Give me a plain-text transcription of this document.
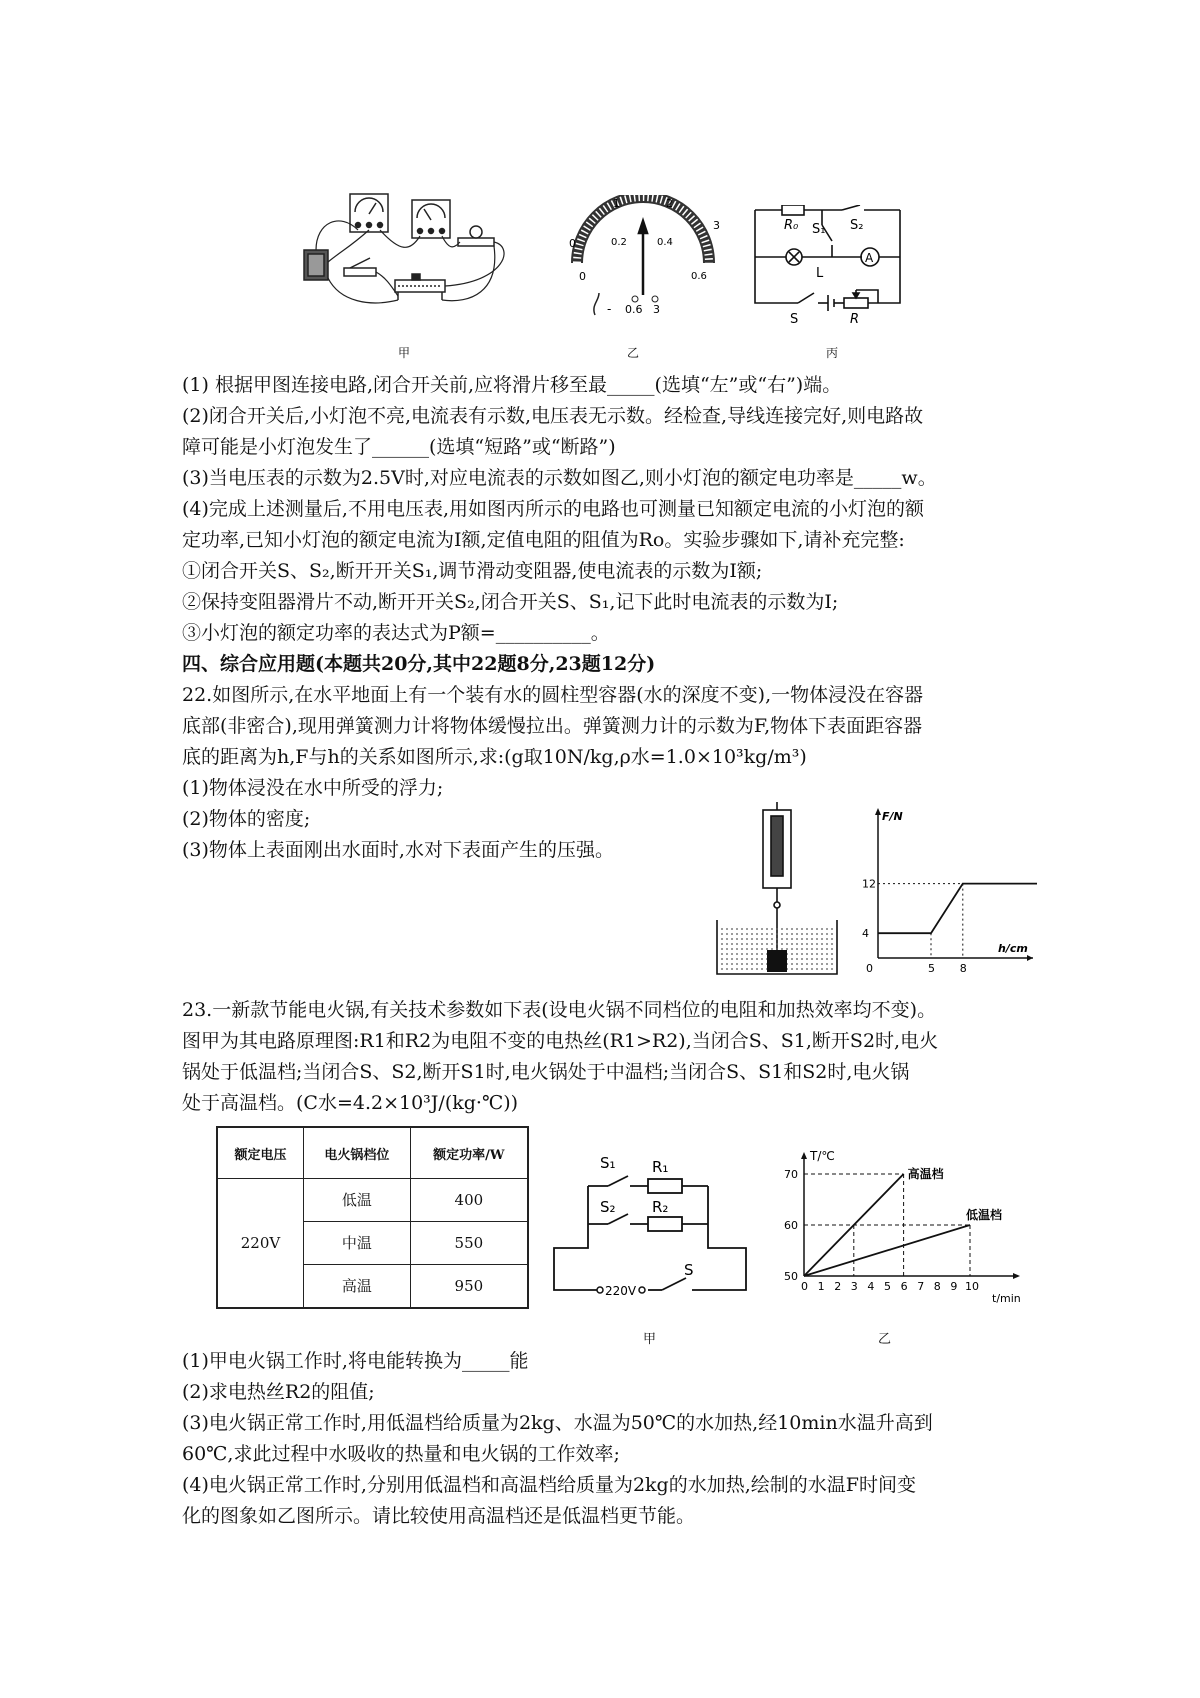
甲
0
1	2
3
0
0.2	0.4
0.6
- 0.6 3
乙
R₀ S₁ S₂
L
A
S	R
丙
(1) 根据甲图连接电路,闭合开关前,应将滑片移至最_____(选填“左”或“右”)端。
(2)闭合开关后,小灯泡不亮,电流表有示数,电压表无示数。经检查,导线连接完好,则电路故
障可能是小灯泡发生了______(选填“短路”或“断路”)
(3)当电压表的示数为2.5V时,对应电流表的示数如图乙,则小灯泡的额定电功率是_____w。
(4)完成上述测量后,不用电压表,用如图丙所示的电路也可测量已知额定电流的小灯泡的额
定功率,已知小灯泡的额定电流为I额,定值电阻的阻值为Ro。实验步骤如下,请补充完整:
①闭合开关S、S₂,断开开关S₁,调节滑动变阻器,使电流表的示数为I额;
②保持变阻器滑片不动,断开开关S₂,闭合开关S、S₁,记下此时电流表的示数为I;
③小灯泡的额定功率的表达式为P额=__________。
四、综合应用题(本题共20分,其中22题8分,23题12分)
22.如图所示,在水平地面上有一个装有水的圆柱型容器(水的深度不变),一物体浸没在容器
底部(非密合),现用弹簧测力计将物体缓慢拉出。弹簧测力计的示数为F,物体下表面距容器
底的距离为h,F与h的关系如图所示,求:(g取10N/kg,ρ水=1.0×10³kg/m³)
(1)物体浸没在水中所受的浮力;
(2)物体的密度;
(3)物体上表面刚出水面时,水对下表面产生的压强。
F/N
h/cm
0	5 8
4
12
23.一新款节能电火锅,有关技术参数如下表(设电火锅不同档位的电阻和加热效率均不变)。
图甲为其电路原理图:R1和R2为电阻不变的电热丝(R1>R2),当闭合S、S1,断开S2时,电火
锅处于低温档;当闭合S、S2,断开S1时,电火锅处于中温档;当闭合S、S1和S2时,电火锅
处于高温档。(C水=4.2×10³J/(kg·℃))
额定电压	电火锅档位	额定功率/W
220V	低温	400
	中温	550
	高温	950
S₁ R₁
S₂ R₂
220V
S
甲
T/℃
t/min
0 1 2 3 4 5 6 7 8 9 10
50
60
70	高温档
低温档
乙
(1)甲电火锅工作时,将电能转换为_____能
(2)求电热丝R2的阻值;
(3)电火锅正常工作时,用低温档给质量为2kg、水温为50℃的水加热,经10min水温升高到
60℃,求此过程中水吸收的热量和电火锅的工作效率;
(4)电火锅正常工作时,分别用低温档和高温档给质量为2kg的水加热,绘制的水温F时间变
化的图象如乙图所示。请比较使用高温档还是低温档更节能。
